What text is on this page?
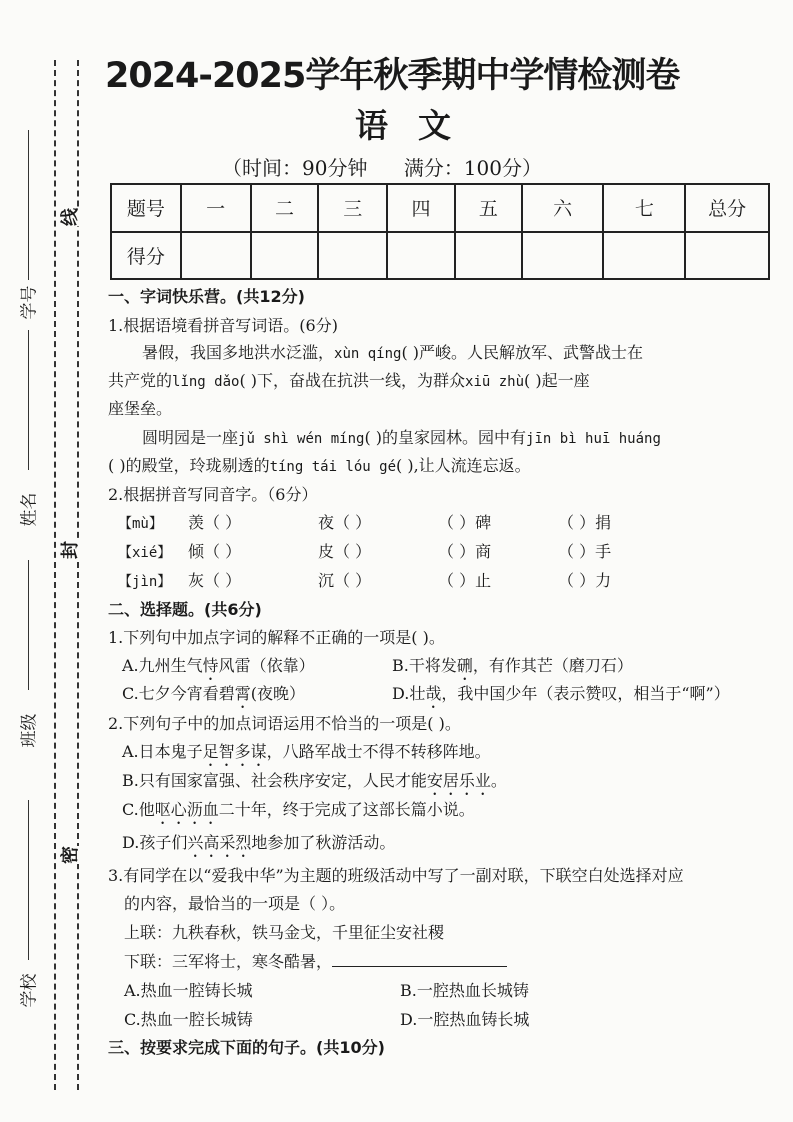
学号
姓名
班级
学校
线
封
密
2024-2025学年秋季期中学情检测卷
语文
（时间：90分钟 满分：100分）
题号	一	二	三	四	五	六	七	总分
得分								
一、字词快乐营。(共12分)
1.根据语境看拼音写词语。(6分)
暑假，我国多地洪水泛滥，xùn qíng( )严峻。人民解放军、武警战士在
共产党的lǐng dǎo( )下，奋战在抗洪一线，为群众xiū zhù( )起一座
座堡垒。
圆明园是一座jǔ shì wén míng( )的皇家园林。园中有jīn bì huī huáng
( )的殿堂，玲珑剔透的tíng tái lóu gé( ),让人流连忘返。
2.根据拼音写同音字。（6分）
【mù】 羡（ ）	夜（ ）	（ ）碑	（ ）捐
【xié】 倾（ ）	皮（ ）	（ ）商	（ ）手
【jìn】 灰（ ）	沉（ ）	（ ）止	（ ）力
二、选择题。(共6分)
1.下列句中加点字词的解释不正确的一项是( )。
A.九州生气恃风雷（依靠）	B.干将发硎，有作其芒（磨刀石）
C.七夕今宵看碧霄(夜晚）	D.壮哉，我中国少年（表示赞叹，相当于“啊”）
2.下列句子中的加点词语运用不恰当的一项是( )。
A.日本鬼子足智多谋，八路军战士不得不转移阵地。
B.只有国家富强、社会秩序安定，人民才能安居乐业。
C.他呕心沥血二十年，终于完成了这部长篇小说。
D.孩子们兴高采烈地参加了秋游活动。
3.有同学在以“爱我中华”为主题的班级活动中写了一副对联，下联空白处选择对应
的内容，最恰当的一项是（ ）。
上联：九秩春秋，铁马金戈，千里征尘安社稷
下联：三军将士，寒冬酷暑，
A.热血一腔铸长城	B.一腔热血长城铸
C.热血一腔长城铸	D.一腔热血铸长城
三、按要求完成下面的句子。(共10分)
